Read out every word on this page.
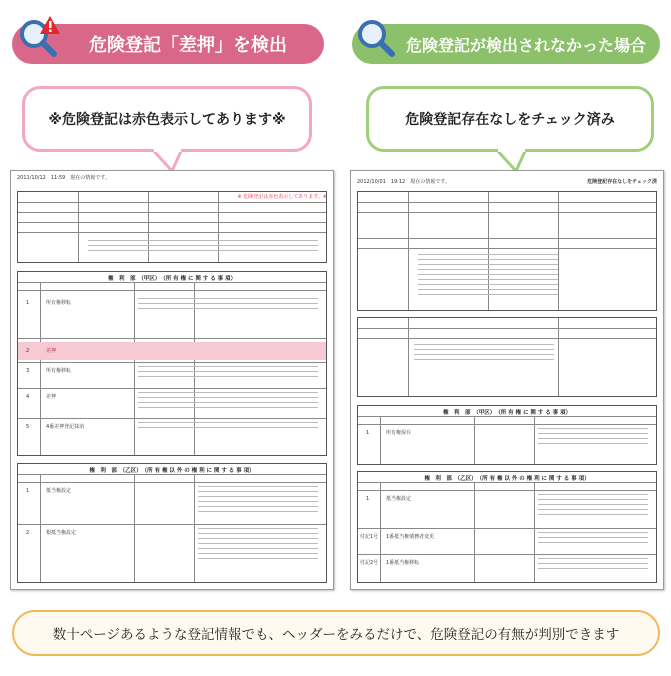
危険登記「差押」を検出	危険登記が検出されなかった場合
※危険登記は赤色表示してあります※	危険登記存在なしをチェック済み
2011/10/12　11:59　現在の情報です。
※ 危険登記は赤色表示してあります。※
権　利　部　（甲区）　（所 有 権 に 関 す る 事 項）
1	所有権移転
2	差押
3	所有権移転
4	差押
5	4番差押登記抹消
権　利　部　（乙区）　（所 有 権 以 外 の 権 利 に 関 す る 事 項）
1	抵当権設定
2	根抵当権設定
2012/10/01　19:12　現在の情報です。	危険登記存在なしをチェック済
権　利　部　（甲区）　（所 有 権 に 関 す る 事 項）
1	所有権保存
権　利　部　（乙区）　（所 有 権 以 外 の 権 利 に 関 す る 事 項）
1	抵当権設定
付記1号 1番抵当権債務者変更
付記2号 1番抵当権移転
数十ページあるような登記情報でも、ヘッダーをみるだけで、危険登記の有無が判別できます
